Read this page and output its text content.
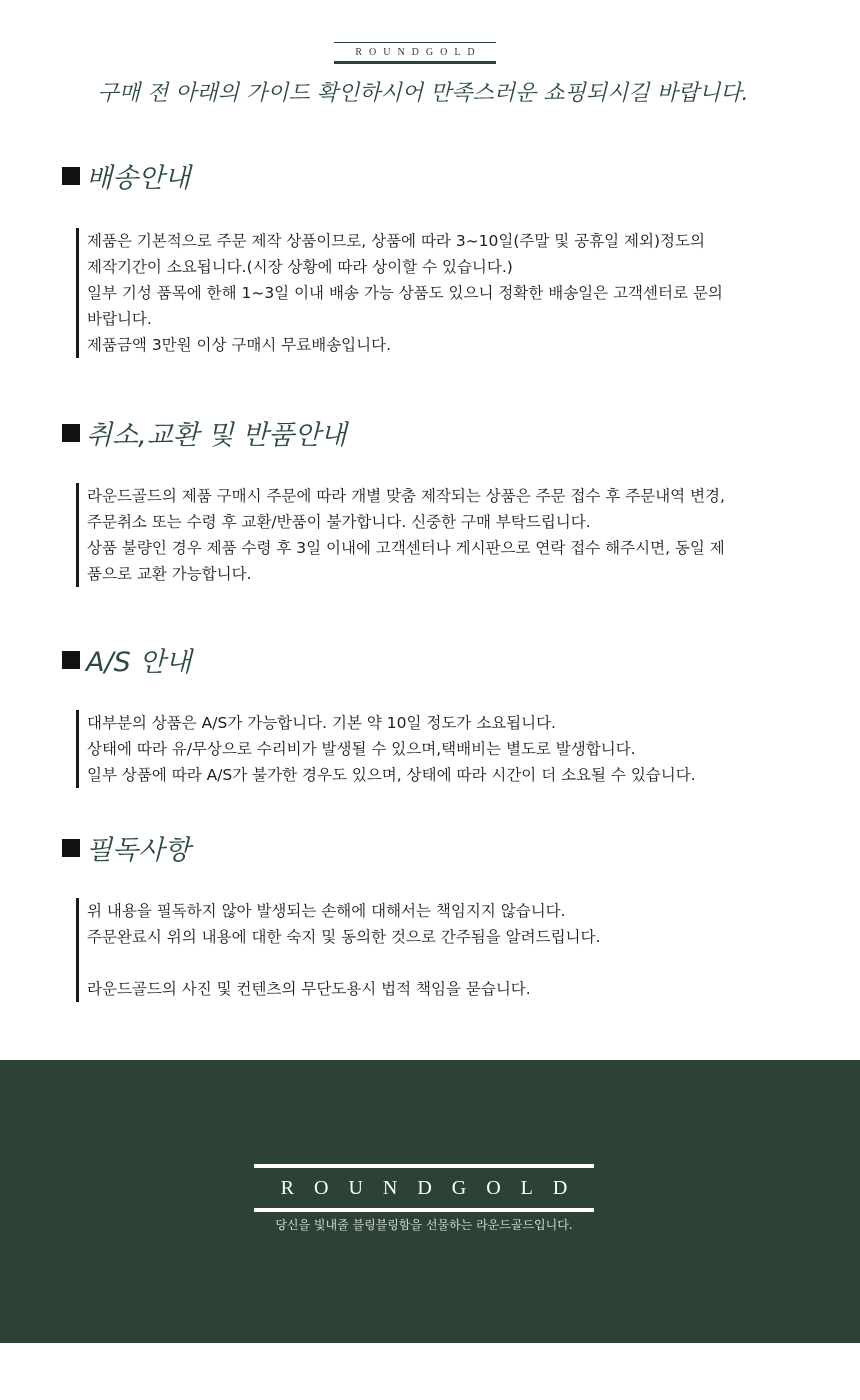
ROUNDGOLD
구매 전 아래의 가이드 확인하시어 만족스러운 쇼핑되시길 바랍니다.
배송안내

제품은 기본적으로 주문 제작 상품이므로, 상품에 따라 3~10일(주말 및 공휴일 제외)정도의

제작기간이 소요됩니다.(시장 상황에 따라 상이할 수 있습니다.)

일부 기성 품목에 한해 1~3일 이내 배송 가능 상품도 있으니 정확한 배송일은 고객센터로 문의

바랍니다.

제품금액 3만원 이상 구매시 무료배송입니다.

취소,교환 및 반품안내

라운드골드의 제품 구매시 주문에 따라 개별 맞춤 제작되는 상품은 주문 접수 후 주문내역 변경,

주문취소 또는 수령 후 교환/반품이 불가합니다. 신중한 구매 부탁드립니다.

상품 불량인 경우 제품 수령 후 3일 이내에 고객센터나 게시판으로 연락 접수 해주시면, 동일 제

품으로 교환 가능합니다.

A/S 안내

대부분의 상품은 A/S가 가능합니다. 기본 약 10일 정도가 소요됩니다.

상태에 따라 유/무상으로 수리비가 발생될 수 있으며,택배비는 별도로 발생합니다.

일부 상품에 따라 A/S가 불가한 경우도 있으며, 상태에 따라 시간이 더 소요될 수 있습니다.

필독사항

위 내용을 필독하지 않아 발생되는 손해에 대해서는 책임지지 않습니다.

주문완료시 위의 내용에 대한 숙지 및 동의한 것으로 간주됨을 알려드립니다.

라운드골드의 사진 및 컨텐츠의 무단도용시 법적 책임을 묻습니다.

ROUNDGOLD
당신을 빛내줄 블링블링함을 선물하는 라운드골드입니다.
